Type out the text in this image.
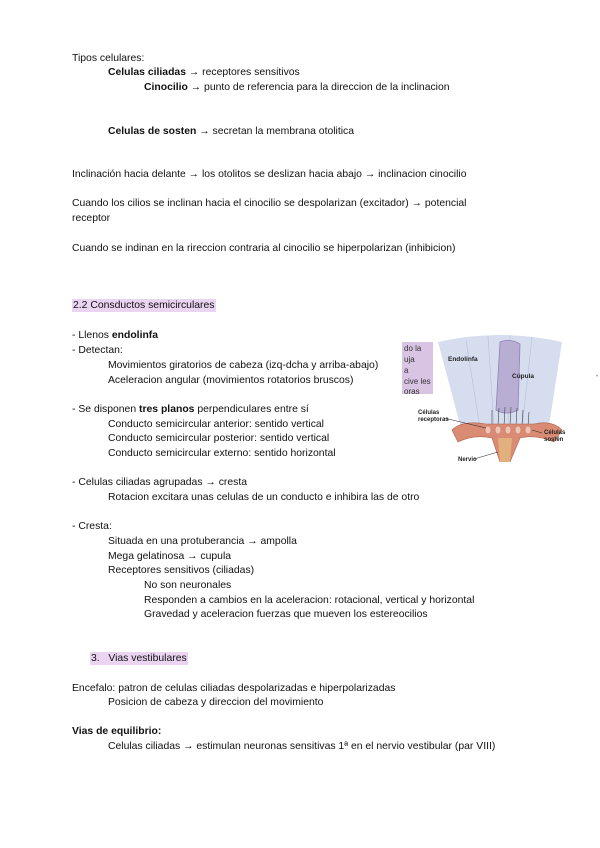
Tipos celulares:
Celulas ciliadas → receptores sensitivos
Cinocilio → punto de referencia para la direccion de la inclinacion
Celulas de sosten → secretan la membrana otolitica
Inclinación hacia delante → los otolitos se deslizan hacia abajo → inclinacion cinocilio
Cuando los cilios se inclinan hacia el cinocilio se despolarizan (excitador) → potencial
receptor
Cuando se indinan en la rireccion contraria al cinocilio se hiperpolarizan (inhibicion)
2.2 Consductos semicirculares
- Llenos endolinfa
- Detectan:
Movimientos giratorios de cabeza (izq-dcha y arriba-abajo)
Aceleracion angular (movimientos rotatorios bruscos)
- Se disponen tres planos perpendiculares entre sí
Conducto semicircular anterior: sentido vertical
Conducto semicircular posterior: sentido vertical
Conducto semicircular externo: sentido horizontal
- Celulas ciliadas agrupadas → cresta
Rotacion excitara unas celulas de un conducto e inhibira las de otro
- Cresta:
Situada en una protuberancia → ampolla
Mega gelatinosa → cupula
Receptores sensitivos (ciliadas)
No son neuronales
Responden a cambios en la aceleracion: rotacional, vertical y horizontal
Gravedad y aceleracion fuerzas que mueven los estereocilios
3. Vias vestibulares
Encefalo: patron de celulas ciliadas despolarizadas e hiperpolarizadas
Posicion de cabeza y direccion del movimiento
Vias de equilibrio:
Celulas ciliadas → estimulan neuronas sensitivas 1ª en el nervio vestibular (par VIII)
do la
uja
a
cive les
oras
Endolinfa
Cúpula
Células
receptoras
Células
sostén
Nervio
•
